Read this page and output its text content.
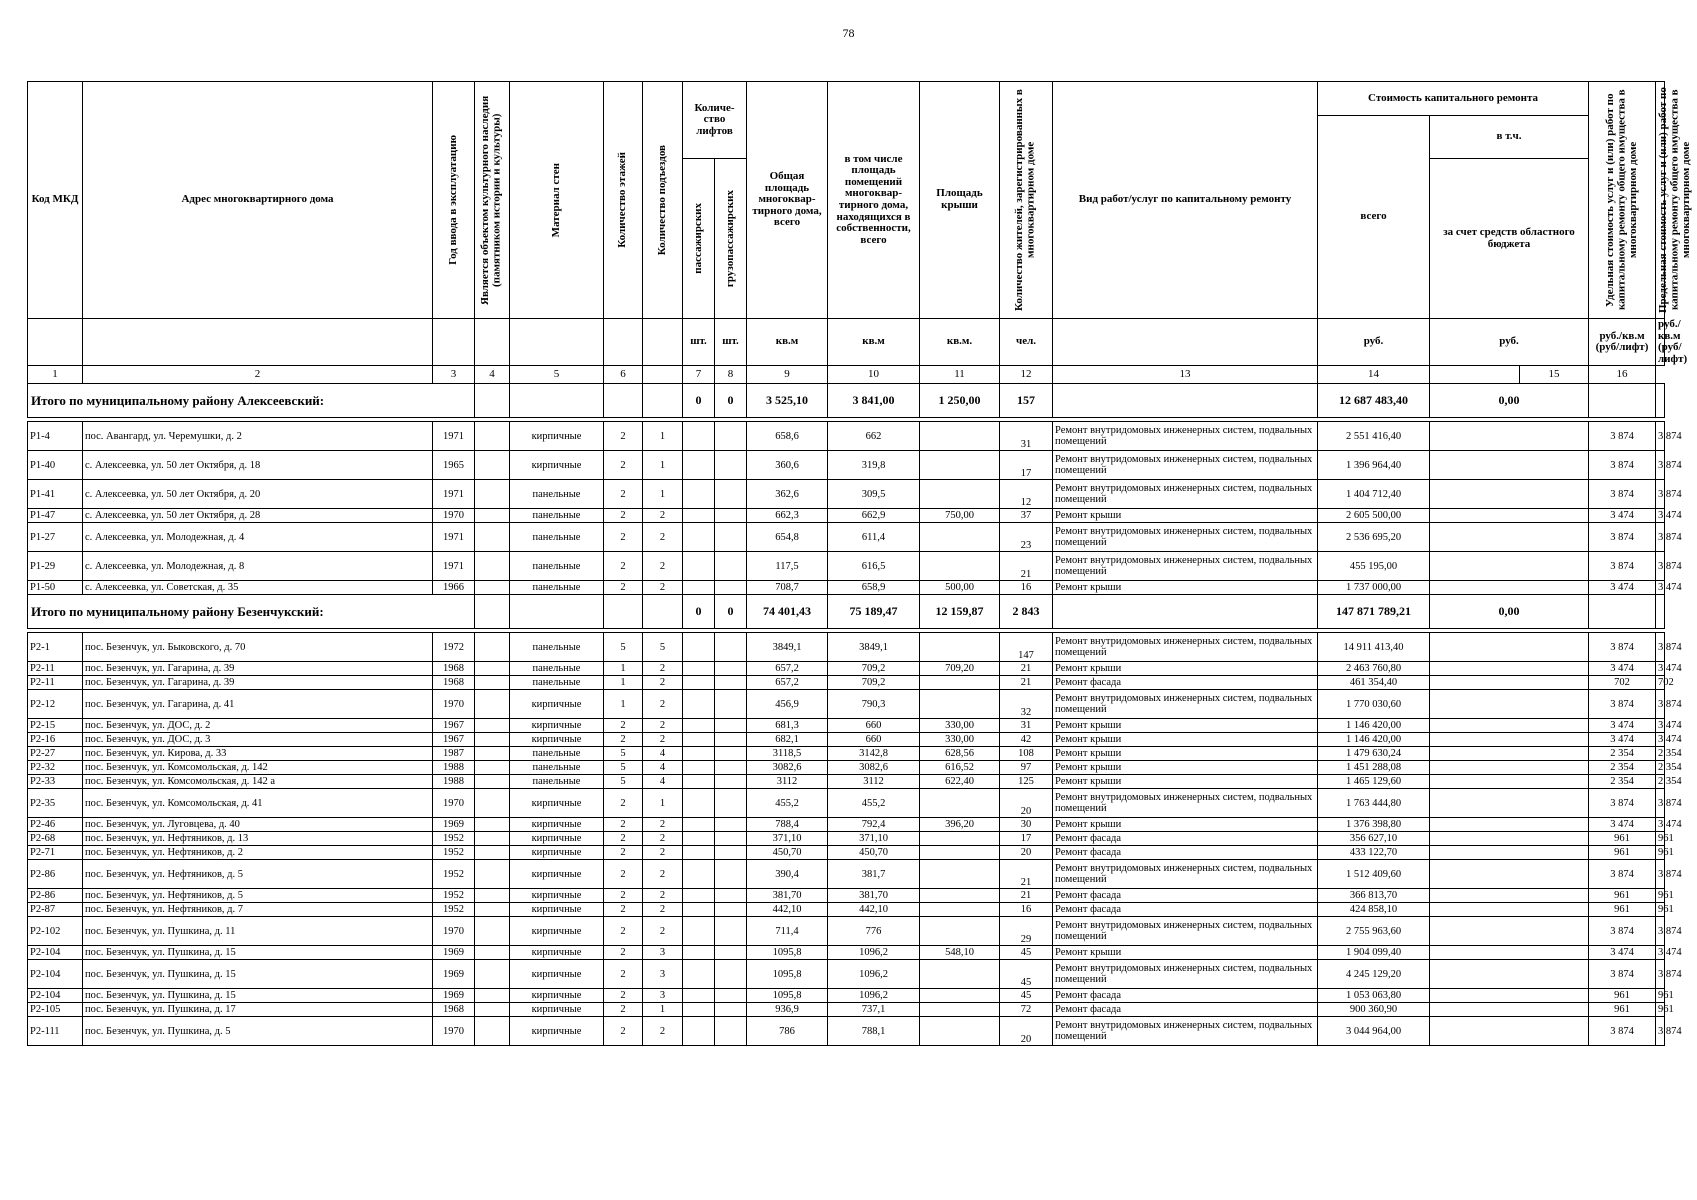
78
Код МКД	Адрес многоквартирного дома	Год ввода в эксплуатацию	Является объектом культурного наследия (памятником истории и культуры)	Материал стен	Количество этажей	Количество подъездов	Количе-ство лифтов		Общая площадь многоквар-тирного дома, всего	в том числе площадь помещений многоквар-тирного дома, находящихся в собственности, всего	Площадь крыши	Количество жителей, зарегистрированных в многоквартирном доме	Вид работ/услуг по капитальному ремонту	Стоимость капитального ремонта			Удельная стоимость услуг и (или) работ по капитальному ремонту общего имущества в многоквартирном доме	Предельная стоимость услуг и (или) работ по капитальному ремонту общего имущества в многоквартирном доме

														всего	в т.ч.			

							пассажирских	грузопассажирских							за счет средств областного бюджета			
							шт.	шт.	кв.м	кв.м	кв.м.	чел.		руб.	руб.		руб./кв.м (руб/лифт)	руб./кв.м (руб/лифт)
1	2	3	4	5	6		7	8	9	10	11	12	13	14		15	16	
Итого по муниципальному району Алексеевский:							0	0	3 525,10	3 841,00	1 250,00	157		12 687 483,40	0,00			

Р1-4	пос. Авангард, ул. Черемушки, д. 2	1971		кирпичные	2	1			658,6	662		31	Ремонт внутридомовых инженерных систем, подвальных помещений	2 551 416,40			3 874	3 874
Р1-40	с. Алексеевка, ул. 50 лет Октября, д. 18	1965		кирпичные	2	1			360,6	319,8		17	Ремонт внутридомовых инженерных систем, подвальных помещений	1 396 964,40			3 874	3 874
Р1-41	с. Алексеевка, ул. 50 лет Октября, д. 20	1971		панельные	2	1			362,6	309,5		12	Ремонт внутридомовых инженерных систем, подвальных помещений	1 404 712,40			3 874	3 874
Р1-47	с. Алексеевка, ул. 50 лет Октября, д. 28	1970		панельные	2	2			662,3	662,9	750,00	37	Ремонт крыши	2 605 500,00			3 474	3 474
Р1-27	с. Алексеевка, ул. Молодежная, д. 4	1971		панельные	2	2			654,8	611,4		23	Ремонт внутридомовых инженерных систем, подвальных помещений	2 536 695,20			3 874	3 874
Р1-29	с. Алексеевка, ул. Молодежная, д. 8	1971		панельные	2	2			117,5	616,5		21	Ремонт внутридомовых инженерных систем, подвальных помещений	455 195,00			3 874	3 874
Р1-50	с. Алексеевка, ул. Советская, д. 35	1966		панельные	2	2			708,7	658,9	500,00	16	Ремонт крыши	1 737 000,00			3 474	3 474
Итого по муниципальному району Безенчукский:							0	0	74 401,43	75 189,47	12 159,87	2 843		147 871 789,21	0,00			

Р2-1	пос. Безенчук, ул. Быковского, д. 70	1972		панельные	5	5			3849,1	3849,1		147	Ремонт внутридомовых инженерных систем, подвальных помещений	14 911 413,40			3 874	3 874
Р2-11	пос. Безенчук, ул. Гагарина, д. 39	1968		панельные	1	2			657,2	709,2	709,20	21	Ремонт крыши	2 463 760,80			3 474	3 474
Р2-11	пос. Безенчук, ул. Гагарина, д. 39	1968		панельные	1	2			657,2	709,2		21	Ремонт фасада	461 354,40			702	702
Р2-12	пос. Безенчук, ул. Гагарина, д. 41	1970		кирпичные	1	2			456,9	790,3		32	Ремонт внутридомовых инженерных систем, подвальных помещений	1 770 030,60			3 874	3 874
Р2-15	пос. Безенчук, ул. ДОС, д. 2	1967		кирпичные	2	2			681,3	660	330,00	31	Ремонт крыши	1 146 420,00			3 474	3 474
Р2-16	пос. Безенчук, ул. ДОС, д. 3	1967		кирпичные	2	2			682,1	660	330,00	42	Ремонт крыши	1 146 420,00			3 474	3 474
Р2-27	пос. Безенчук, ул. Кирова, д. 33	1987		панельные	5	4			3118,5	3142,8	628,56	108	Ремонт крыши	1 479 630,24			2 354	2 354
Р2-32	пос. Безенчук, ул. Комсомольская, д. 142	1988		панельные	5	4			3082,6	3082,6	616,52	97	Ремонт крыши	1 451 288,08			2 354	2 354
Р2-33	пос. Безенчук, ул. Комсомольская, д. 142 а	1988		панельные	5	4			3112	3112	622,40	125	Ремонт крыши	1 465 129,60			2 354	2 354
Р2-35	пос. Безенчук, ул. Комсомольская, д. 41	1970		кирпичные	2	1			455,2	455,2		20	Ремонт внутридомовых инженерных систем, подвальных помещений	1 763 444,80			3 874	3 874
Р2-46	пос. Безенчук, ул. Луговцева, д. 40	1969		кирпичные	2	2			788,4	792,4	396,20	30	Ремонт крыши	1 376 398,80			3 474	3 474
Р2-68	пос. Безенчук, ул. Нефтяников, д. 13	1952		кирпичные	2	2			371,10	371,10		17	Ремонт фасада	356 627,10			961	961
Р2-71	пос. Безенчук, ул. Нефтяников, д. 2	1952		кирпичные	2	2			450,70	450,70		20	Ремонт фасада	433 122,70			961	961
Р2-86	пос. Безенчук, ул. Нефтяников, д. 5	1952		кирпичные	2	2			390,4	381,7		21	Ремонт внутридомовых инженерных систем, подвальных помещений	1 512 409,60			3 874	3 874
Р2-86	пос. Безенчук, ул. Нефтяников, д. 5	1952		кирпичные	2	2			381,70	381,70		21	Ремонт фасада	366 813,70			961	961
Р2-87	пос. Безенчук, ул. Нефтяников, д. 7	1952		кирпичные	2	2			442,10	442,10		16	Ремонт фасада	424 858,10			961	961
Р2-102	пос. Безенчук, ул. Пушкина, д. 11	1970		кирпичные	2	2			711,4	776		29	Ремонт внутридомовых инженерных систем, подвальных помещений	2 755 963,60			3 874	3 874
Р2-104	пос. Безенчук, ул. Пушкина, д. 15	1969		кирпичные	2	3			1095,8	1096,2	548,10	45	Ремонт крыши	1 904 099,40			3 474	3 474
Р2-104	пос. Безенчук, ул. Пушкина, д. 15	1969		кирпичные	2	3			1095,8	1096,2		45	Ремонт внутридомовых инженерных систем, подвальных помещений	4 245 129,20			3 874	3 874
Р2-104	пос. Безенчук, ул. Пушкина, д. 15	1969		кирпичные	2	3			1095,8	1096,2		45	Ремонт фасада	1 053 063,80			961	961
Р2-105	пос. Безенчук, ул. Пушкина, д. 17	1968		кирпичные	2	1			936,9	737,1		72	Ремонт фасада	900 360,90			961	961
Р2-111	пос. Безенчук, ул. Пушкина, д. 5	1970		кирпичные	2	2			786	788,1		20	Ремонт внутридомовых инженерных систем, подвальных помещений	3 044 964,00			3 874	3 874
